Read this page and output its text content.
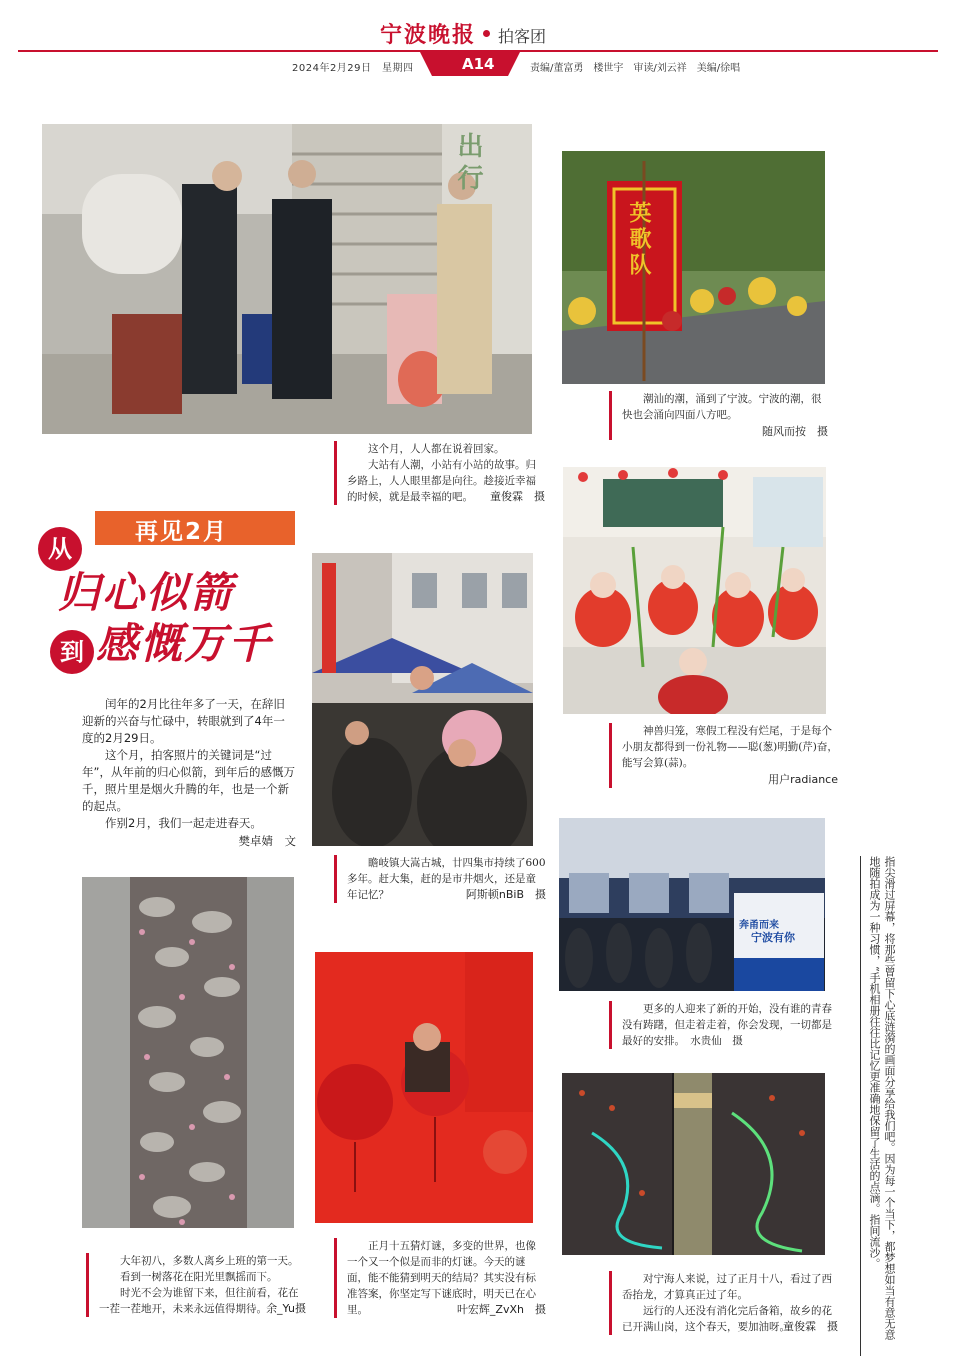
宁波晚报 拍客团
2024年2月29日　星期四	A14	责编/董富勇　楼世宇　审读/刘云祥　美编/徐唱
出行

这个月，人人都在说着回家。

大站有人潮，小站有小站的故事。归乡路上，人人眼里都是向往。趁接近幸福的时候，就是最幸福的吧。	童俊霖　摄
英歌队

潮汕的潮，涌到了宁波。宁波的潮，很快也会涌向四面八方吧。

随风而按　摄
再见2月
从
归心似箭
到 感慨万千

闰年的2月比往年多了一天，在辞旧迎新的兴奋与忙碌中，转眼就到了4年一度的2月29日。

这个月，拍客照片的关键词是“过年”，从年前的归心似箭，到年后的感慨万千，照片里是烟火升腾的年，也是一个新的起点。

作别2月，我们一起走进春天。

樊卓婧　文

瞻岐镇大嵩古城，廿四集市持续了600多年。赶大集，赶的是市井烟火，还是童年记忆？	阿斯顿nBiB　摄

神兽归笼，寒假工程没有烂尾，于是每个小朋友都得到一份礼物——聪(葱)明勤(芹)奋，能写会算(蒜)。

用户radiance
奔甬而来
宁波有你

更多的人迎来了新的开始，没有谁的青春没有踌躇，但走着走着，你会发现，一切都是最好的安排。　水贵仙　摄

大年初八，多数人离乡上班的第一天。

看到一树落花在阳光里飘摇而下。

时光不会为谁留下来，但往前看，花在一茬一茬地开，未来永远值得期待。 余_Yu摄

正月十五猜灯谜，多变的世界，也像一个又一个似是而非的灯谜。今天的谜面，能不能猜到明天的结局？其实没有标准答案，你坚定写下谜底时，明天已在心里。	叶宏辉_ZvXh　摄

对宁海人来说，过了正月十八，看过了西岙抬龙，才算真正过了年。

远行的人还没有消化完后备箱，故乡的花已开满山岗，这个春天，要加油呀。

童俊霖　摄	指尖滑过屏幕，将那些曾留下心底涟漪的画面分享给我们吧。因为每一个当下，都梦想如当有意无意地随拍成为一种习惯，“手机相册往往比记忆更准确地保留了生活的点滴。指间流沙。
